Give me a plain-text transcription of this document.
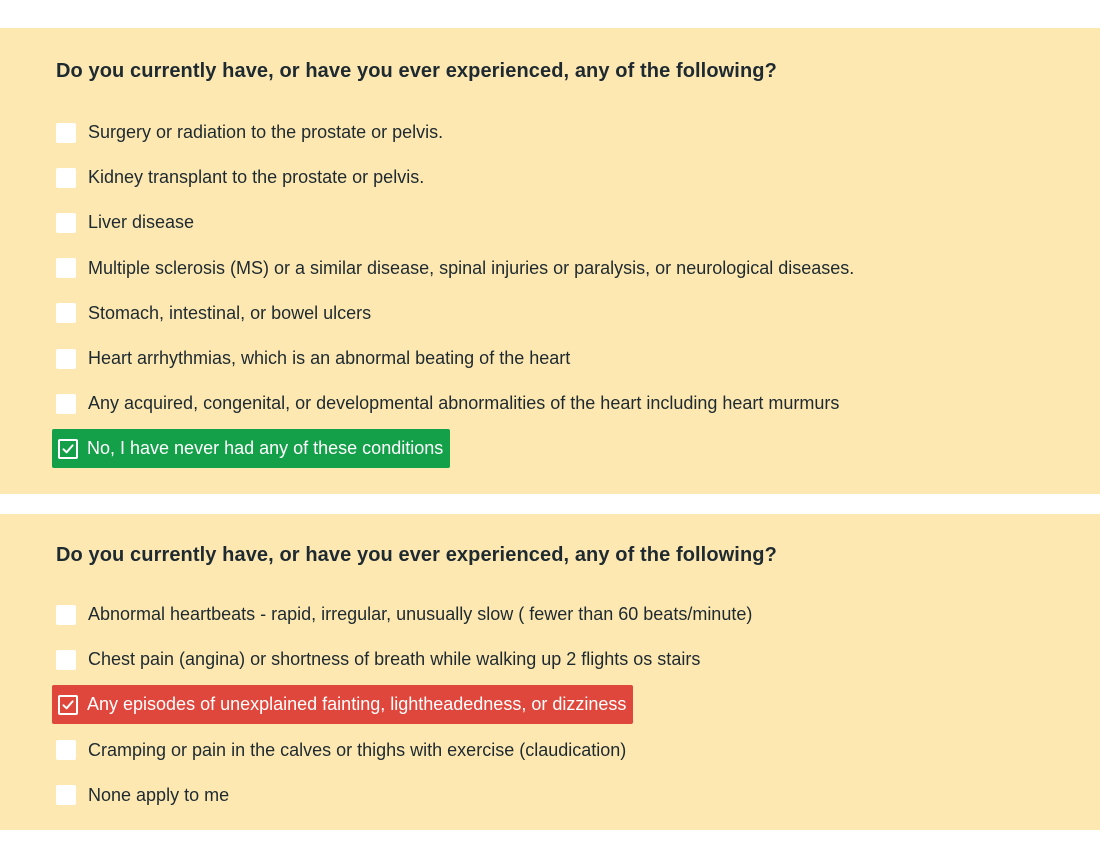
Do you currently have, or have you ever experienced, any of the following?
Surgery or radiation to the prostate or pelvis.
Kidney transplant to the prostate or pelvis.
Liver disease
Multiple sclerosis (MS) or a similar disease, spinal injuries or paralysis, or neurological diseases.
Stomach, intestinal, or bowel ulcers
Heart arrhythmias, which is an abnormal beating of the heart
Any acquired, congenital, or developmental abnormalities of the heart including heart murmurs
No, I have never had any of these conditions
Do you currently have, or have you ever experienced, any of the following?
Abnormal heartbeats - rapid, irregular, unusually slow ( fewer than 60 beats/minute)
Chest pain (angina) or shortness of breath while walking up 2 flights os stairs
Any episodes of unexplained fainting, lightheadedness, or dizziness
Cramping or pain in the calves or thighs with exercise (claudication)
None apply to me
